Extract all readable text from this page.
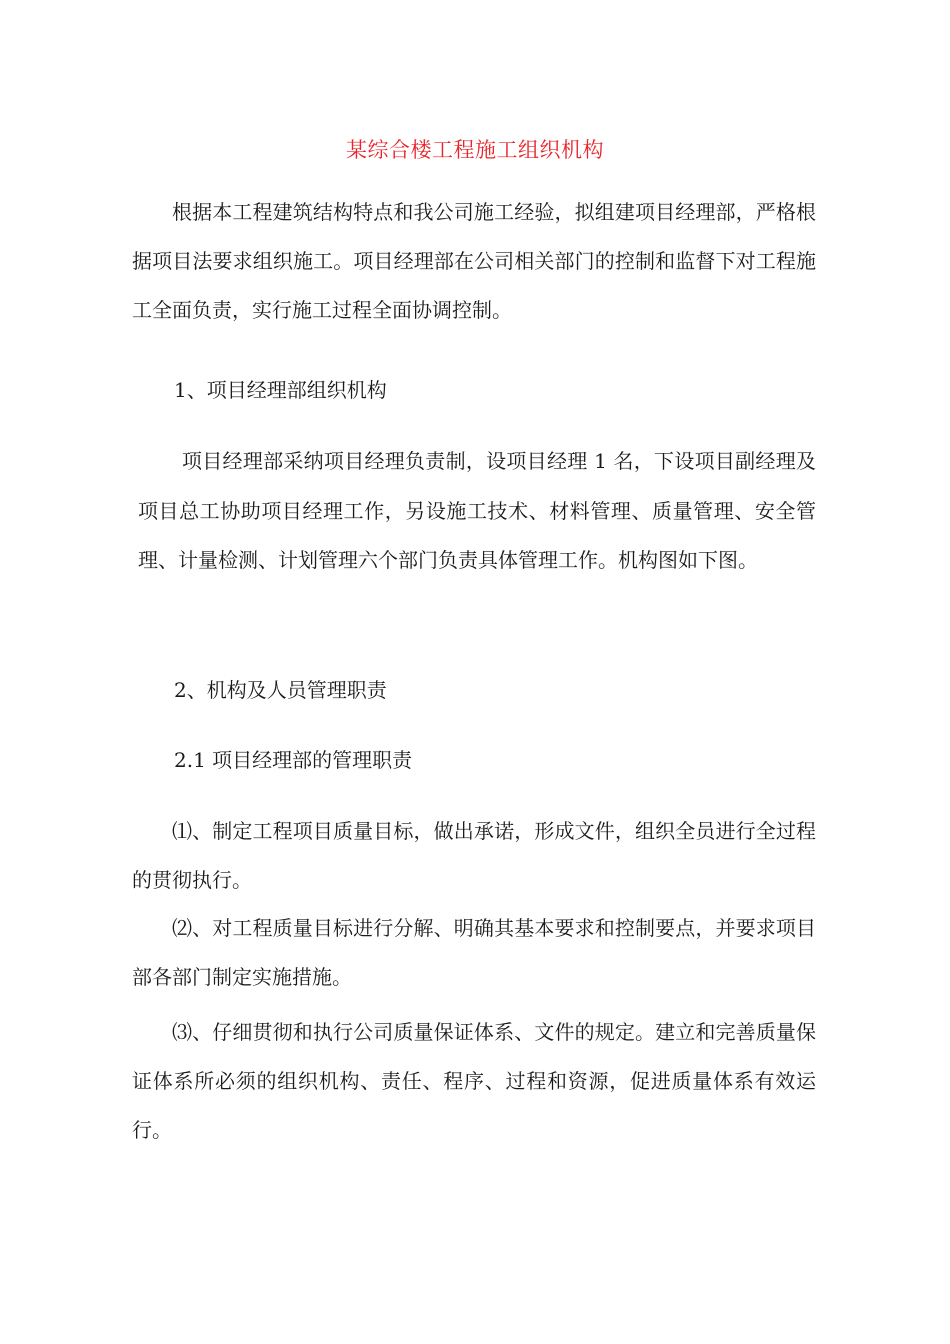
某综合楼工程施工组织机构

根据本工程建筑结构特点和我公司施工经验，拟组建项目经理部，严格根据项目法要求组织施工。项目经理部在公司相关部门的控制和监督下对工程施工全面负责，实行施工过程全面协调控制。

1、项目经理部组织机构

项目经理部采纳项目经理负责制，设项目经理 1 名，下设项目副经理及项目总工协助项目经理工作，另设施工技术、材料管理、质量管理、安全管理、计量检测、计划管理六个部门负责具体管理工作。机构图如下图。

2、机构及人员管理职责

2.1 项目经理部的管理职责

⑴、制定工程项目质量目标，做出承诺，形成文件，组织全员进行全过程的贯彻执行。

⑵、对工程质量目标进行分解、明确其基本要求和控制要点，并要求项目部各部门制定实施措施。

⑶、仔细贯彻和执行公司质量保证体系、文件的规定。建立和完善质量保证体系所必须的组织机构、责任、程序、过程和资源，促进质量体系有效运行。
